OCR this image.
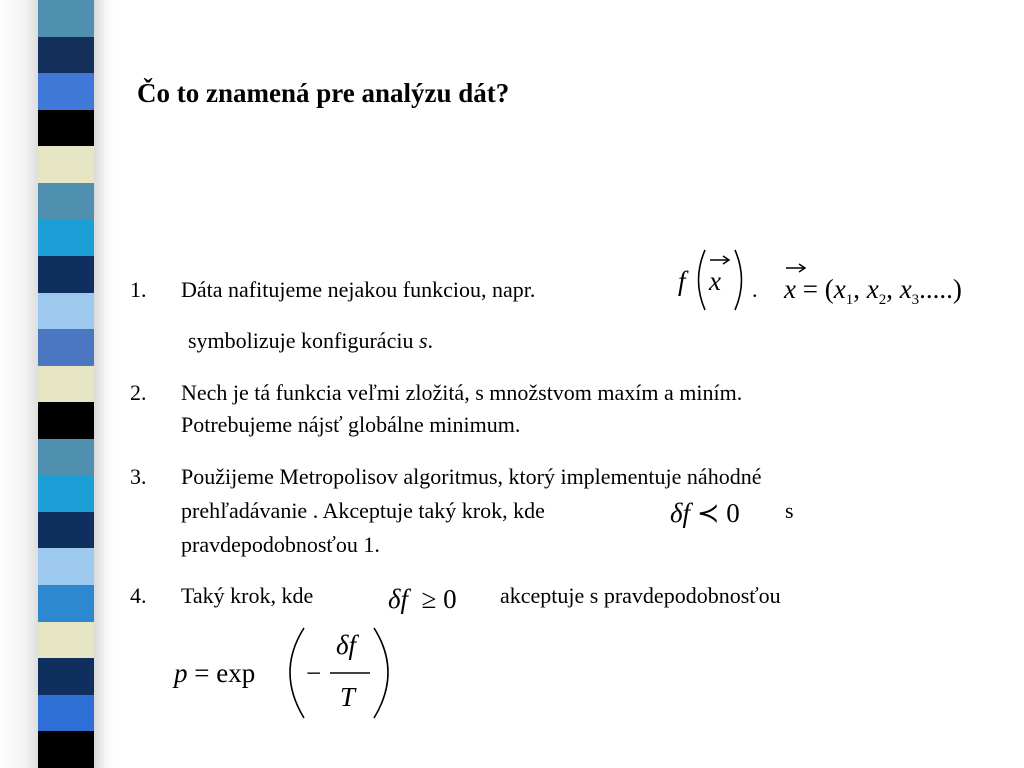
Čo to znamená pre analýzu dát?
1. Dáta nafitujeme nejakou funkciou, napr.	f x . $x = (x_1$, $x_2$, $x_3$.....)
symbolizuje konfiguráciu s.
2. Nech je tá funkcia veľmi zložitá, s množstvom maxím a miním.
Potrebujeme nájsť globálne minimum.
3. Použijeme Metropolisov algoritmus, ktorý implementuje náhodné
prehľadávanie . Akceptuje taký krok, kde	δf ≺ 0 s
pravdepodobnosťou 1.
4. Taký krok, kde	δf ≥ 0 akceptuje s pravdepodobnosťou
p = exp −
δf
T
